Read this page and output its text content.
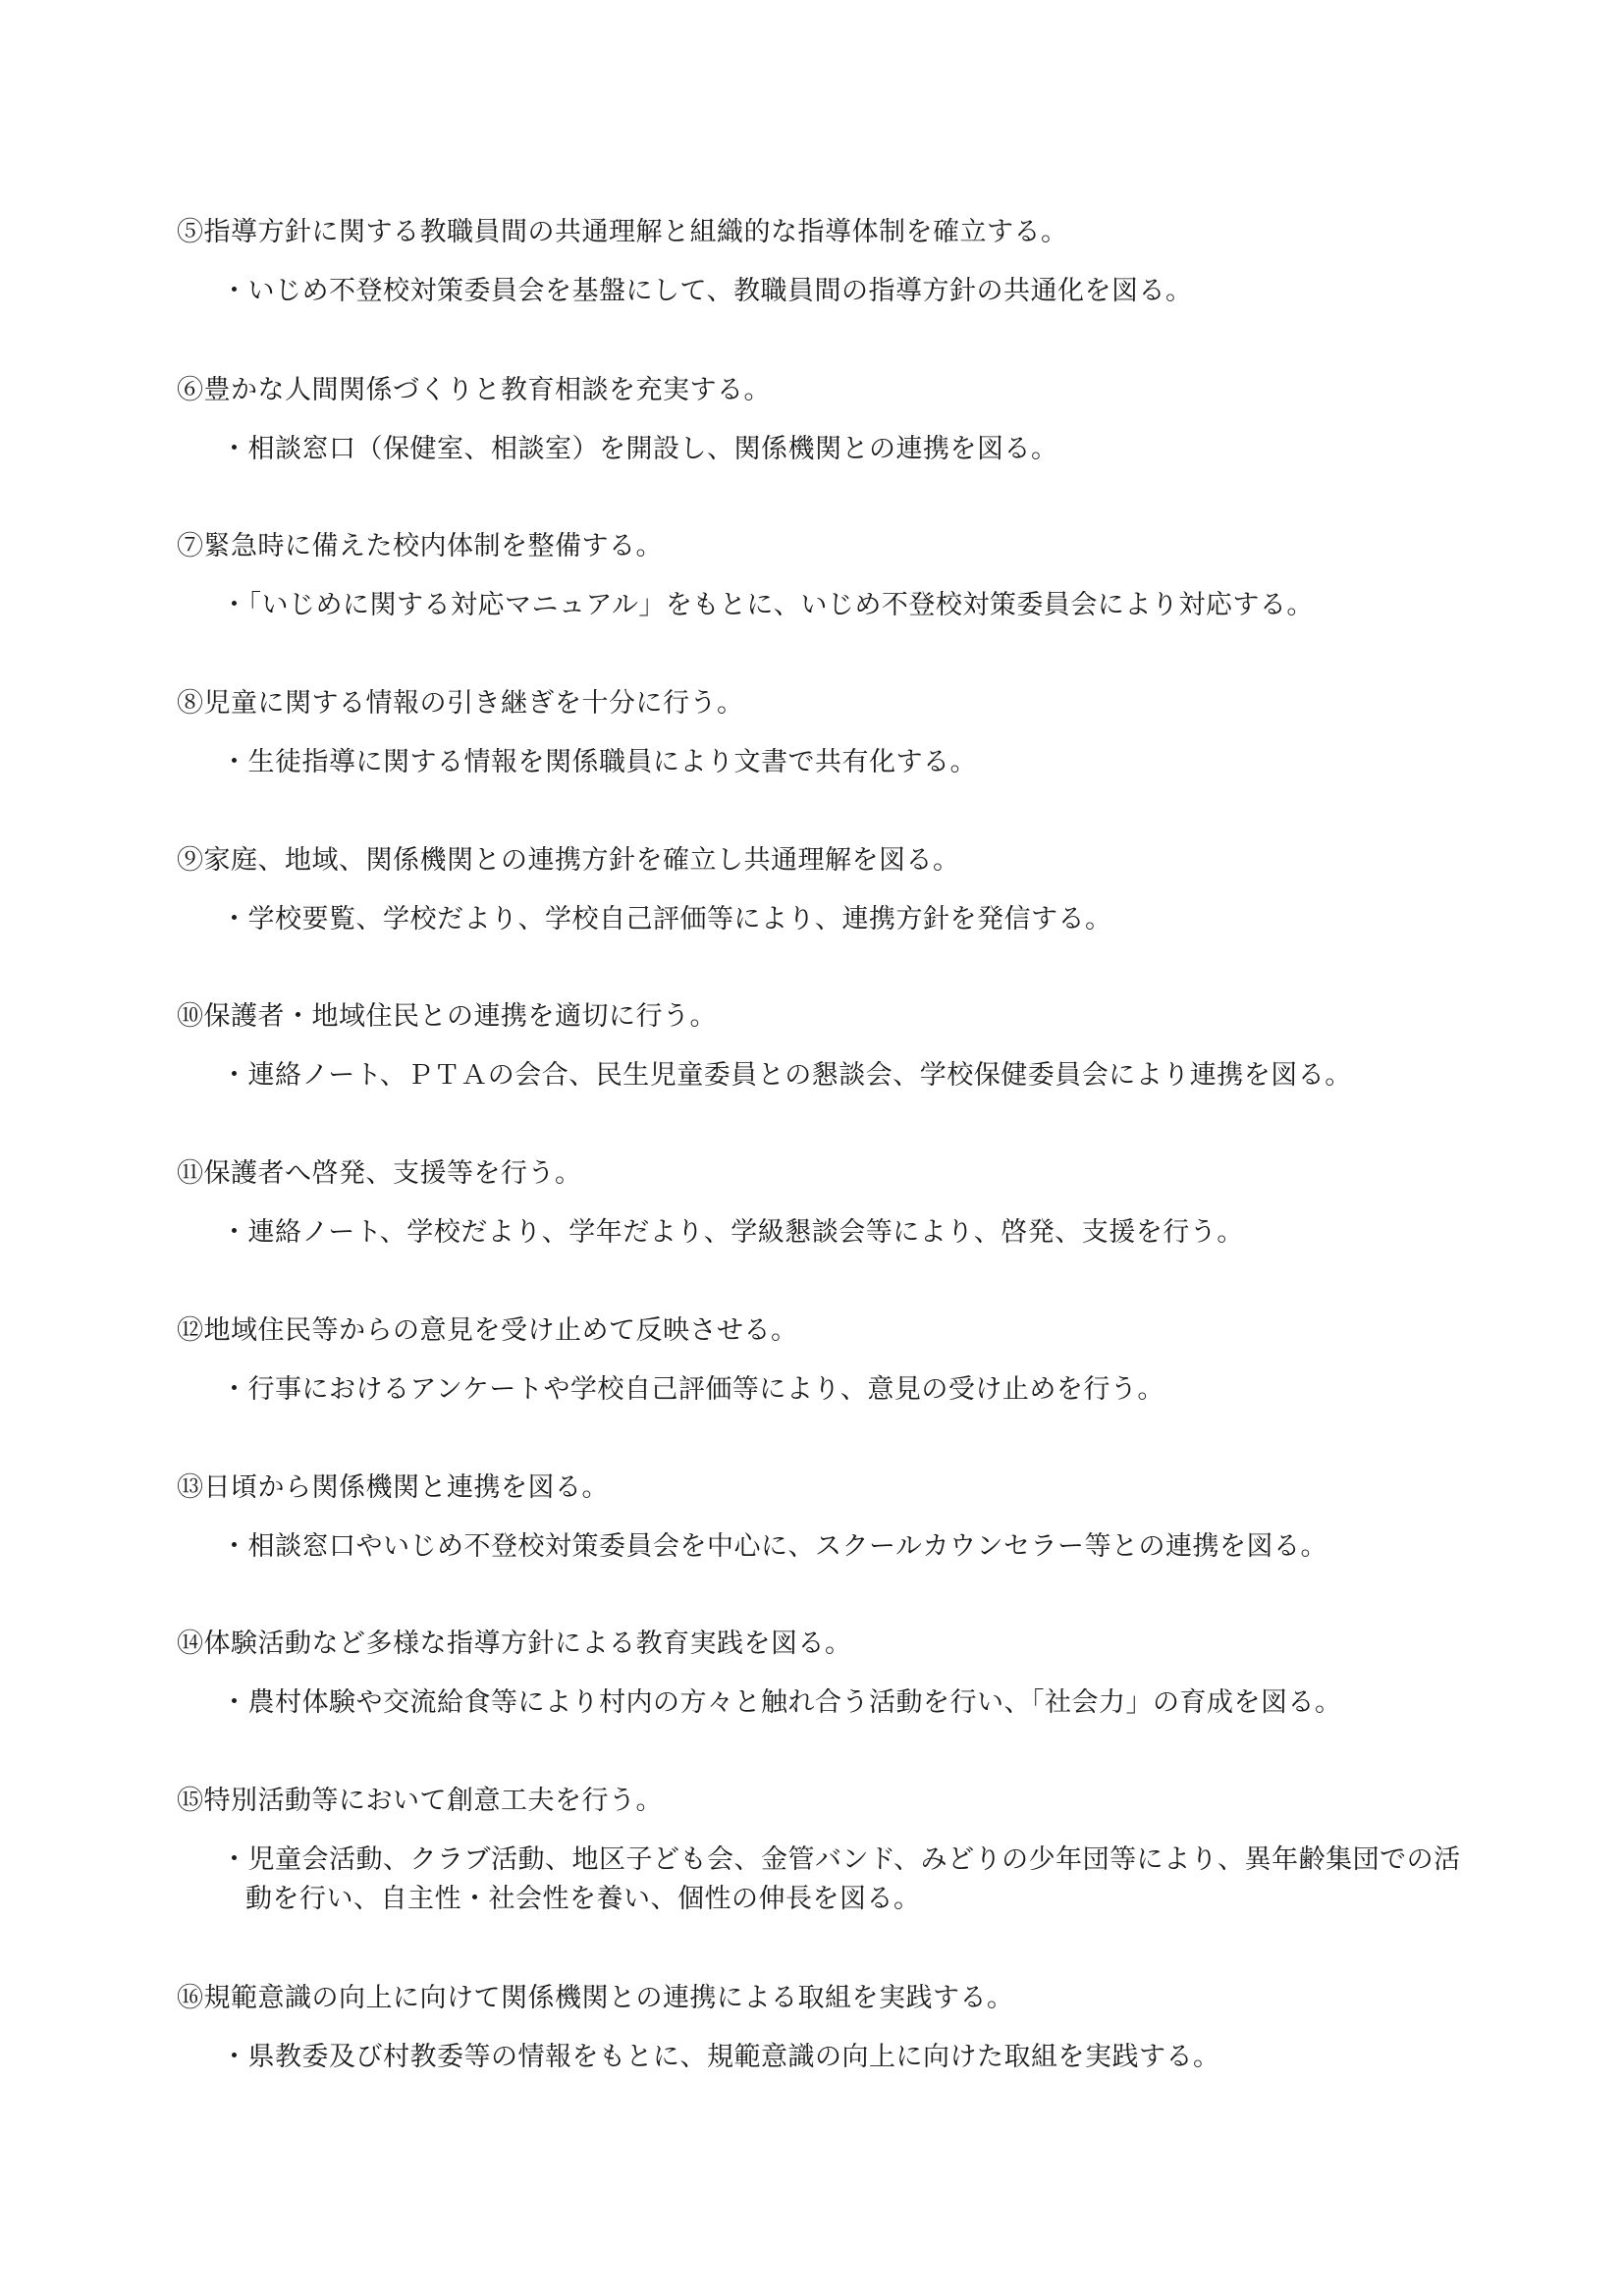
⑤指導方針に関する教職員間の共通理解と組織的な指導体制を確立する。

・いじめ不登校対策委員会を基盤にして、教職員間の指導方針の共通化を図る。

⑥豊かな人間関係づくりと教育相談を充実する。

・相談窓口（保健室、相談室）を開設し、関係機関との連携を図る。

⑦緊急時に備えた校内体制を整備する。

・「いじめに関する対応マニュアル」をもとに、いじめ不登校対策委員会により対応する。

⑧児童に関する情報の引き継ぎを十分に行う。

・生徒指導に関する情報を関係職員により文書で共有化する。

⑨家庭、地域、関係機関との連携方針を確立し共通理解を図る。

・学校要覧、学校だより、学校自己評価等により、連携方針を発信する。

⑩保護者・地域住民との連携を適切に行う。

・連絡ノート、ＰＴＡの会合、民生児童委員との懇談会、学校保健委員会により連携を図る。

⑪保護者へ啓発、支援等を行う。

・連絡ノート、学校だより、学年だより、学級懇談会等により、啓発、支援を行う。

⑫地域住民等からの意見を受け止めて反映させる。

・行事におけるアンケートや学校自己評価等により、意見の受け止めを行う。

⑬日頃から関係機関と連携を図る。

・相談窓口やいじめ不登校対策委員会を中心に、スクールカウンセラー等との連携を図る。

⑭体験活動など多様な指導方針による教育実践を図る。

・農村体験や交流給食等により村内の方々と触れ合う活動を行い、「社会力」の育成を図る。

⑮特別活動等において創意工夫を行う。

・児童会活動、クラブ活動、地区子ども会、金管バンド、みどりの少年団等により、異年齢集団での活動を行い、自主性・社会性を養い、個性の伸長を図る。

⑯規範意識の向上に向けて関係機関との連携による取組を実践する。

・県教委及び村教委等の情報をもとに、規範意識の向上に向けた取組を実践する。
